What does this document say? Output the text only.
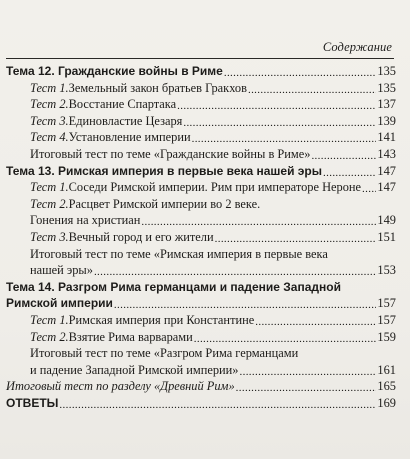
Содержание
Тема 12. Гражданские войны в Риме . . .	135
Тест 1.Земельный закон братьев Гракхов . . .	135
Тест 2.Восстание Спартака . . .	137
Тест 3.Единовластие Цезаря . . .	139
Тест 4.Установление империи . . .	141
Итоговый тест по теме «Гражданские войны в Риме» . . .	143
Тема 13. Римская империя в первые века нашей эры . . .	147
Тест 1.Соседи Римской империи. Рим при императоре Нероне . . . 147
Тест 2.Расцвет Римской империи во 2 веке.
Гонения на христиан . . .	149
Тест 3.Вечный город и его жители . . .	151
Итоговый тест по теме «Римская империя в первые века
нашей эры» . . .	153
Тема 14. Разгром Рима германцами и падение Западной
Римской империи . . .	157
Тест 1.Римская империя при Константине . . .	157
Тест 2.Взятие Рима варварами . . .	159
Итоговый тест по теме «Разгром Рима германцами
и падение Западной Римской империи» . . .	161
Итоговый тест по разделу «Древний Рим» . . .	165
ОТВЕТЫ . . .	169
